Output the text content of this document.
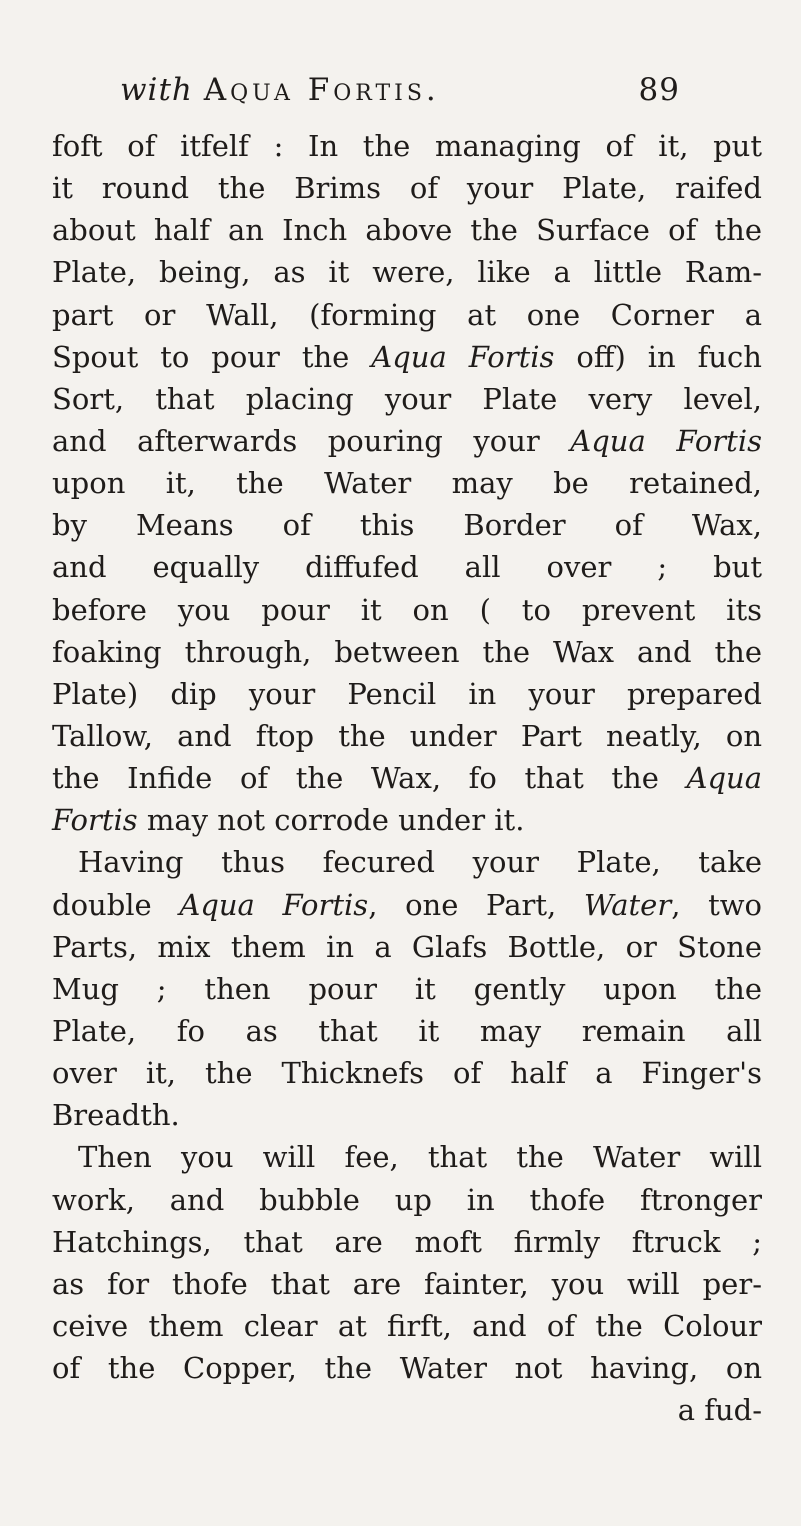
with Aqua Fortis.	89
foft of itfelf : In the managing of it, put
it round the Brims of your Plate, raifed
about half an Inch above the Surface of the
Plate, being, as it were, like a little Ram-
part or Wall, (forming at one Corner a
Spout to pour the Aqua Fortis off) in fuch
Sort, that placing your Plate very level,
and afterwards pouring your Aqua Fortis
upon it, the Water may be retained,
by Means of this Border of Wax,
and equally diffufed all over ; but
before you pour it on ( to prevent its
foaking through, between the Wax and the
Plate) dip your Pencil in your prepared
Tallow, and ftop the under Part neatly, on
the Infide of the Wax, fo that the Aqua
Fortis may not corrode under it.
Having thus fecured your Plate, take
double Aqua Fortis, one Part, Water, two
Parts, mix them in a Glafs Bottle, or Stone
Mug ; then pour it gently upon the
Plate, fo as that it may remain all
over it, the Thicknefs of half a Finger's
Breadth.
Then you will fee, that the Water will
work, and bubble up in thofe ftronger
Hatchings, that are moft firmly ftruck ;
as for thofe that are fainter, you will per-
ceive them clear at firft, and of the Colour
of the Copper, the Water not having, on
a fud-
